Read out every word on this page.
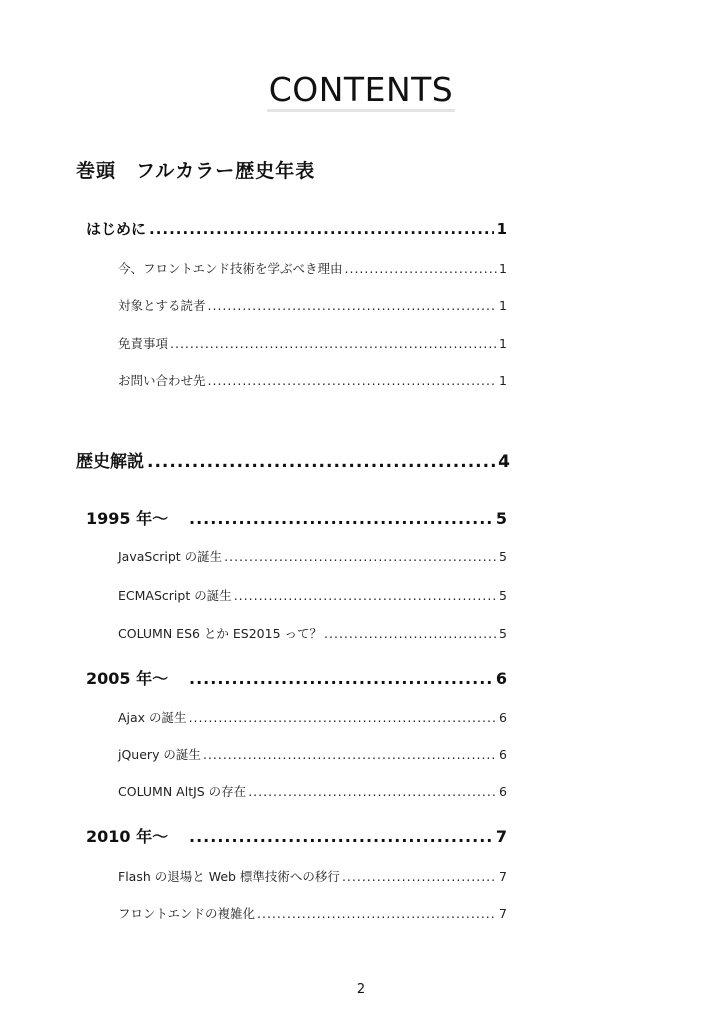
CONTENTS
巻頭　フルカラー歴史年表
はじめに .....	1
今、フロントエンド技術を学ぶべき理由 .....	1
対象とする読者 .....	1
免責事項 .....	1
お問い合わせ先 .....	1
歴史解説 .....	4
1995 年～ .....	5
JavaScript の誕生 .....	5
ECMAScript の誕生 .....	5
COLUMN ES6 とか ES2015 って？ .....	5
2005 年～ .....	6
Ajax の誕生 .....	6
jQuery の誕生 .....	6
COLUMN AltJS の存在 .....	6
2010 年～ .....	7
Flash の退場と Web 標準技術への移行 .....	7
フロントエンドの複雑化 .....	7
2
